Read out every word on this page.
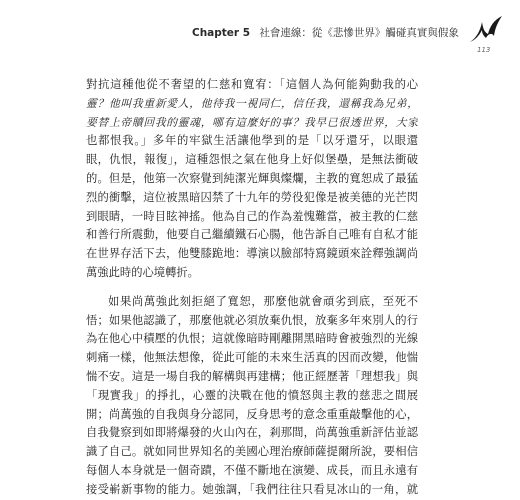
Chapter 5 社會連線：從《悲慘世界》觸碰真實與假象
113
對抗這種他從不奢望的仁慈和寬宥：「這個人為何能夠動我的心
靈？他叫我重新愛人，他待我一視同仁，信任我，還稱我為兄弟，
要替上帝贖回我的靈魂，哪有這麼好的事？我早已很透世界，大家
也都恨我。」多年的牢獄生活讓他學到的是「以牙還牙，以眼還
眼，仇恨，報復」，這種怨恨之氣在他身上好似堡壘，是無法衝破
的。但是，他第一次察覺到純潔光輝與燦爛，主教的寬恕成了最猛
烈的衝擊，這位被黑暗囚禁了十九年的勞役犯像是被美德的光芒閃
到眼睛，一時目眩神搖。他為自己的作為羞愧難當，被主教的仁慈
和善行所震動，他要自己繼續鐵石心腸，他告訴自己唯有自私才能
在世界存活下去，他雙膝跪地：導演以臉部特寫鏡頭來詮釋強調尚
萬強此時的心境轉折。
如果尚萬強此刻拒絕了寬恕，那麼他就會頑劣到底，至死不
悟；如果他認識了，那麼他就必須放棄仇恨，放棄多年來別人的行
為在他心中積壓的仇恨；這就像暗時剛離開黑暗時會被強烈的光線
刺痛一樣，他無法想像，從此可能的未來生活真的因而改變，他惴
惴不安。這是一場自我的解構與再建構；他正經歷著「理想我」與
「現實我」的掙扎，心靈的決戰在他的憤怒與主教的慈悲之間展
開；尚萬強的自我與身分認同，反身思考的意念重重敲擊他的心，
自我覺察到如即將爆發的火山內在，剎那間，尚萬強重新評估並認
識了自己。就如同世界知名的美國心理治療師薩提爾所說，要相信
每個人本身就是一個奇蹟，不僅不斷地在演變、成長，而且永遠有
接受嶄新事物的能力。她強調，「我們往往只看見冰山的一角，就
